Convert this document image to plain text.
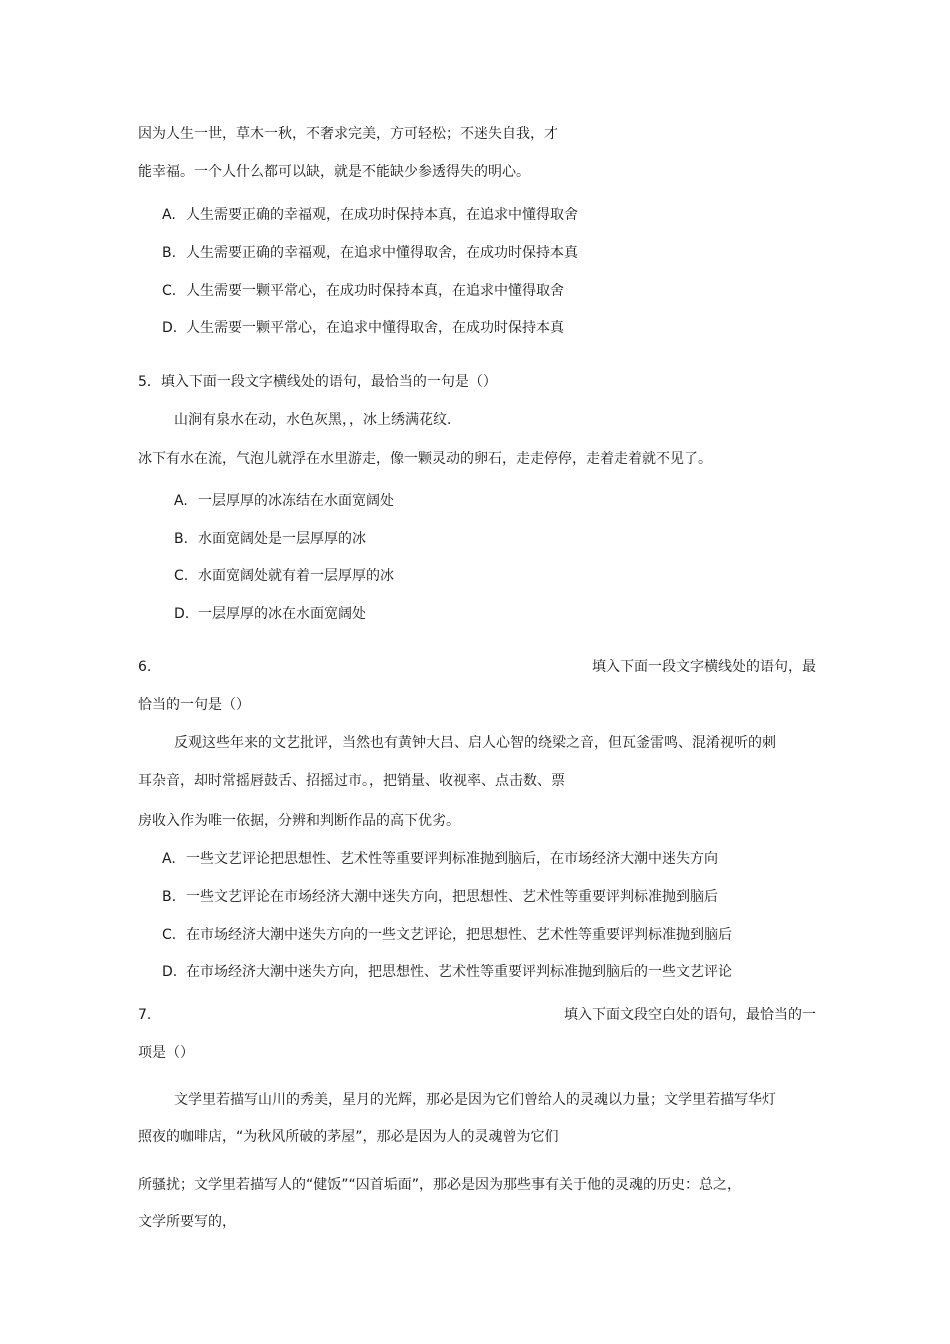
因为人生一世，草木一秋，不奢求完美，方可轻松；不迷失自我，才
能幸福。一个人什么都可以缺，就是不能缺少参透得失的明心。
A. 人生需要正确的幸福观，在成功时保持本真，在追求中懂得取舍
B. 人生需要正确的幸福观，在追求中懂得取舍，在成功时保持本真
C. 人生需要一颗平常心，在成功时保持本真，在追求中懂得取舍
D. 人生需要一颗平常心，在追求中懂得取舍，在成功时保持本真
5．填入下面一段文字横线处的语句，最恰当的一句是（）
山涧有泉水在动，水色灰黑，，冰上绣满花纹.
冰下有水在流，气泡儿就浮在水里游走，像一颗灵动的卵石，走走停停，走着走着就不见了。
A. 一层厚厚的冰冻结在水面宽阔处
B. 水面宽阔处是一层厚厚的冰
C. 水面宽阔处就有着一层厚厚的冰
D. 一层厚厚的冰在水面宽阔处
6.	填入下面一段文字横线处的语句，最
恰当的一句是（）
反观这些年来的文艺批评，当然也有黄钟大吕、启人心智的绕梁之音，但瓦釜雷鸣、混淆视听的刺
耳杂音，却时常摇唇鼓舌、招摇过市。，把销量、收视率、点击数、票
房收入作为唯一依据，分辨和判断作品的高下优劣。
A. 一些文艺评论把思想性、艺术性等重要评判标准抛到脑后，在市场经济大潮中迷失方向
B. 一些文艺评论在市场经济大潮中迷失方向，把思想性、艺术性等重要评判标准抛到脑后
C. 在市场经济大潮中迷失方向的一些文艺评论，把思想性、艺术性等重要评判标准抛到脑后
D. 在市场经济大潮中迷失方向，把思想性、艺术性等重要评判标准抛到脑后的一些文艺评论
7.	填入下面文段空白处的语句，最恰当的一
项是（）
文学里若描写山川的秀美，星月的光辉，那必是因为它们曾给人的灵魂以力量；文学里若描写华灯
照夜的咖啡店，“为秋风所破的茅屋”，那必是因为人的灵魂曾为它们
所骚扰；文学里若描写人的“健饭”“囚首垢面”，那必是因为那些事有关于他的灵魂的历史：总之，
文学所要写的，
